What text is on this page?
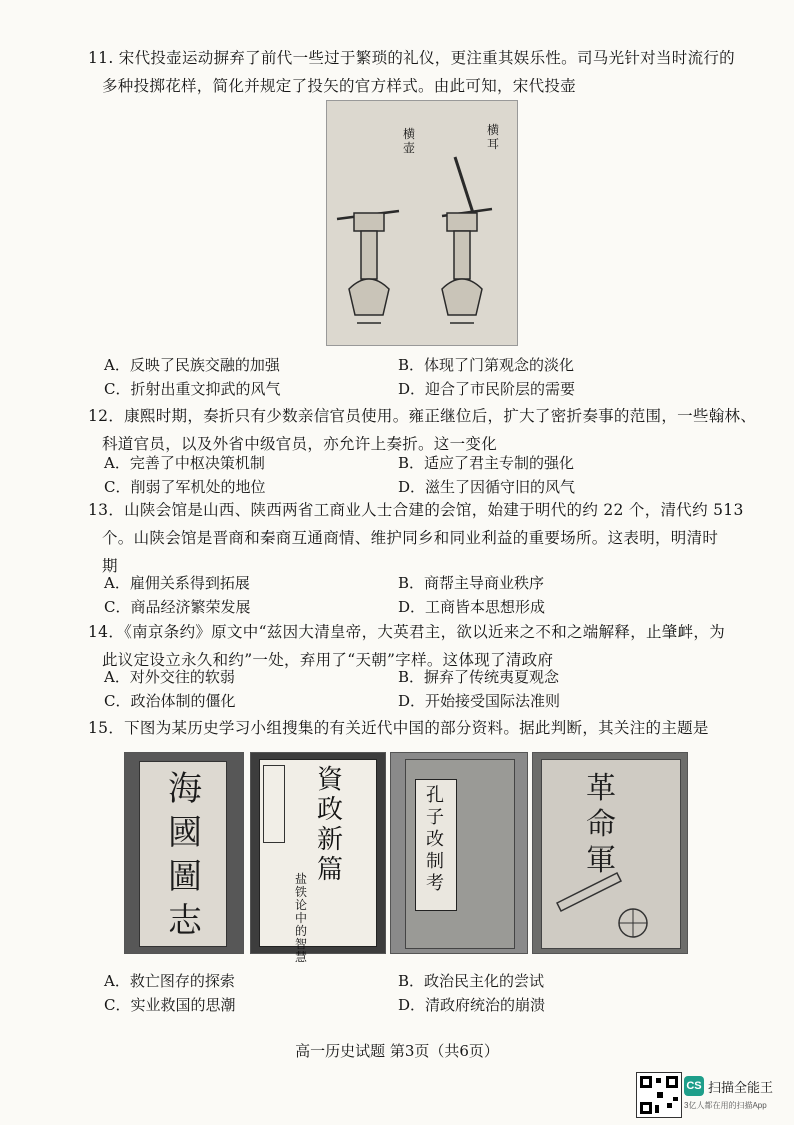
11. 宋代投壶运动摒弃了前代一些过于繁琐的礼仪，更注重其娱乐性。司马光针对当时流行的
多种投掷花样，简化并规定了投矢的官方样式。由此可知，宋代投壶
横耳
横壶
A．反映了民族交融的加强	B．体现了门第观念的淡化
C．折射出重文抑武的风气	D．迎合了市民阶层的需要
12．康熙时期，奏折只有少数亲信官员使用。雍正继位后，扩大了密折奏事的范围，一些翰林、
科道官员，以及外省中级官员，亦允许上奏折。这一变化
A．完善了中枢决策机制	B．适应了君主专制的强化
C．削弱了军机处的地位	D．滋生了因循守旧的风气
13．山陕会馆是山西、陕西两省工商业人士合建的会馆，始建于明代的约 22 个，清代约 513
个。山陕会馆是晋商和秦商互通商情、维护同乡和同业利益的重要场所。这表明，明清时
期
A．雇佣关系得到拓展	B．商帮主导商业秩序
C．商品经济繁荣发展	D．工商皆本思想形成
14．《南京条约》原文中“兹因大清皇帝，大英君主，欲以近来之不和之端解释，止肇衅，为
此议定设立永久和约”一处，弃用了“天朝”字样。这体现了清政府
A．对外交往的软弱	B．摒弃了传统夷夏观念
C．政治体制的僵化	D．开始接受国际法准则
15．下图为某历史学习小组搜集的有关近代中国的部分资料。据此判断，其关注的主题是
海國圖志
資政新篇
盐铁论中的智慧
孔子改制考
革命軍
A．救亡图存的探索	B．政治民主化的尝试
C．实业救国的思潮	D．清政府统治的崩溃
高一历史试题 第3页（共6页）
CS 扫描全能王
3亿人都在用的扫描App
